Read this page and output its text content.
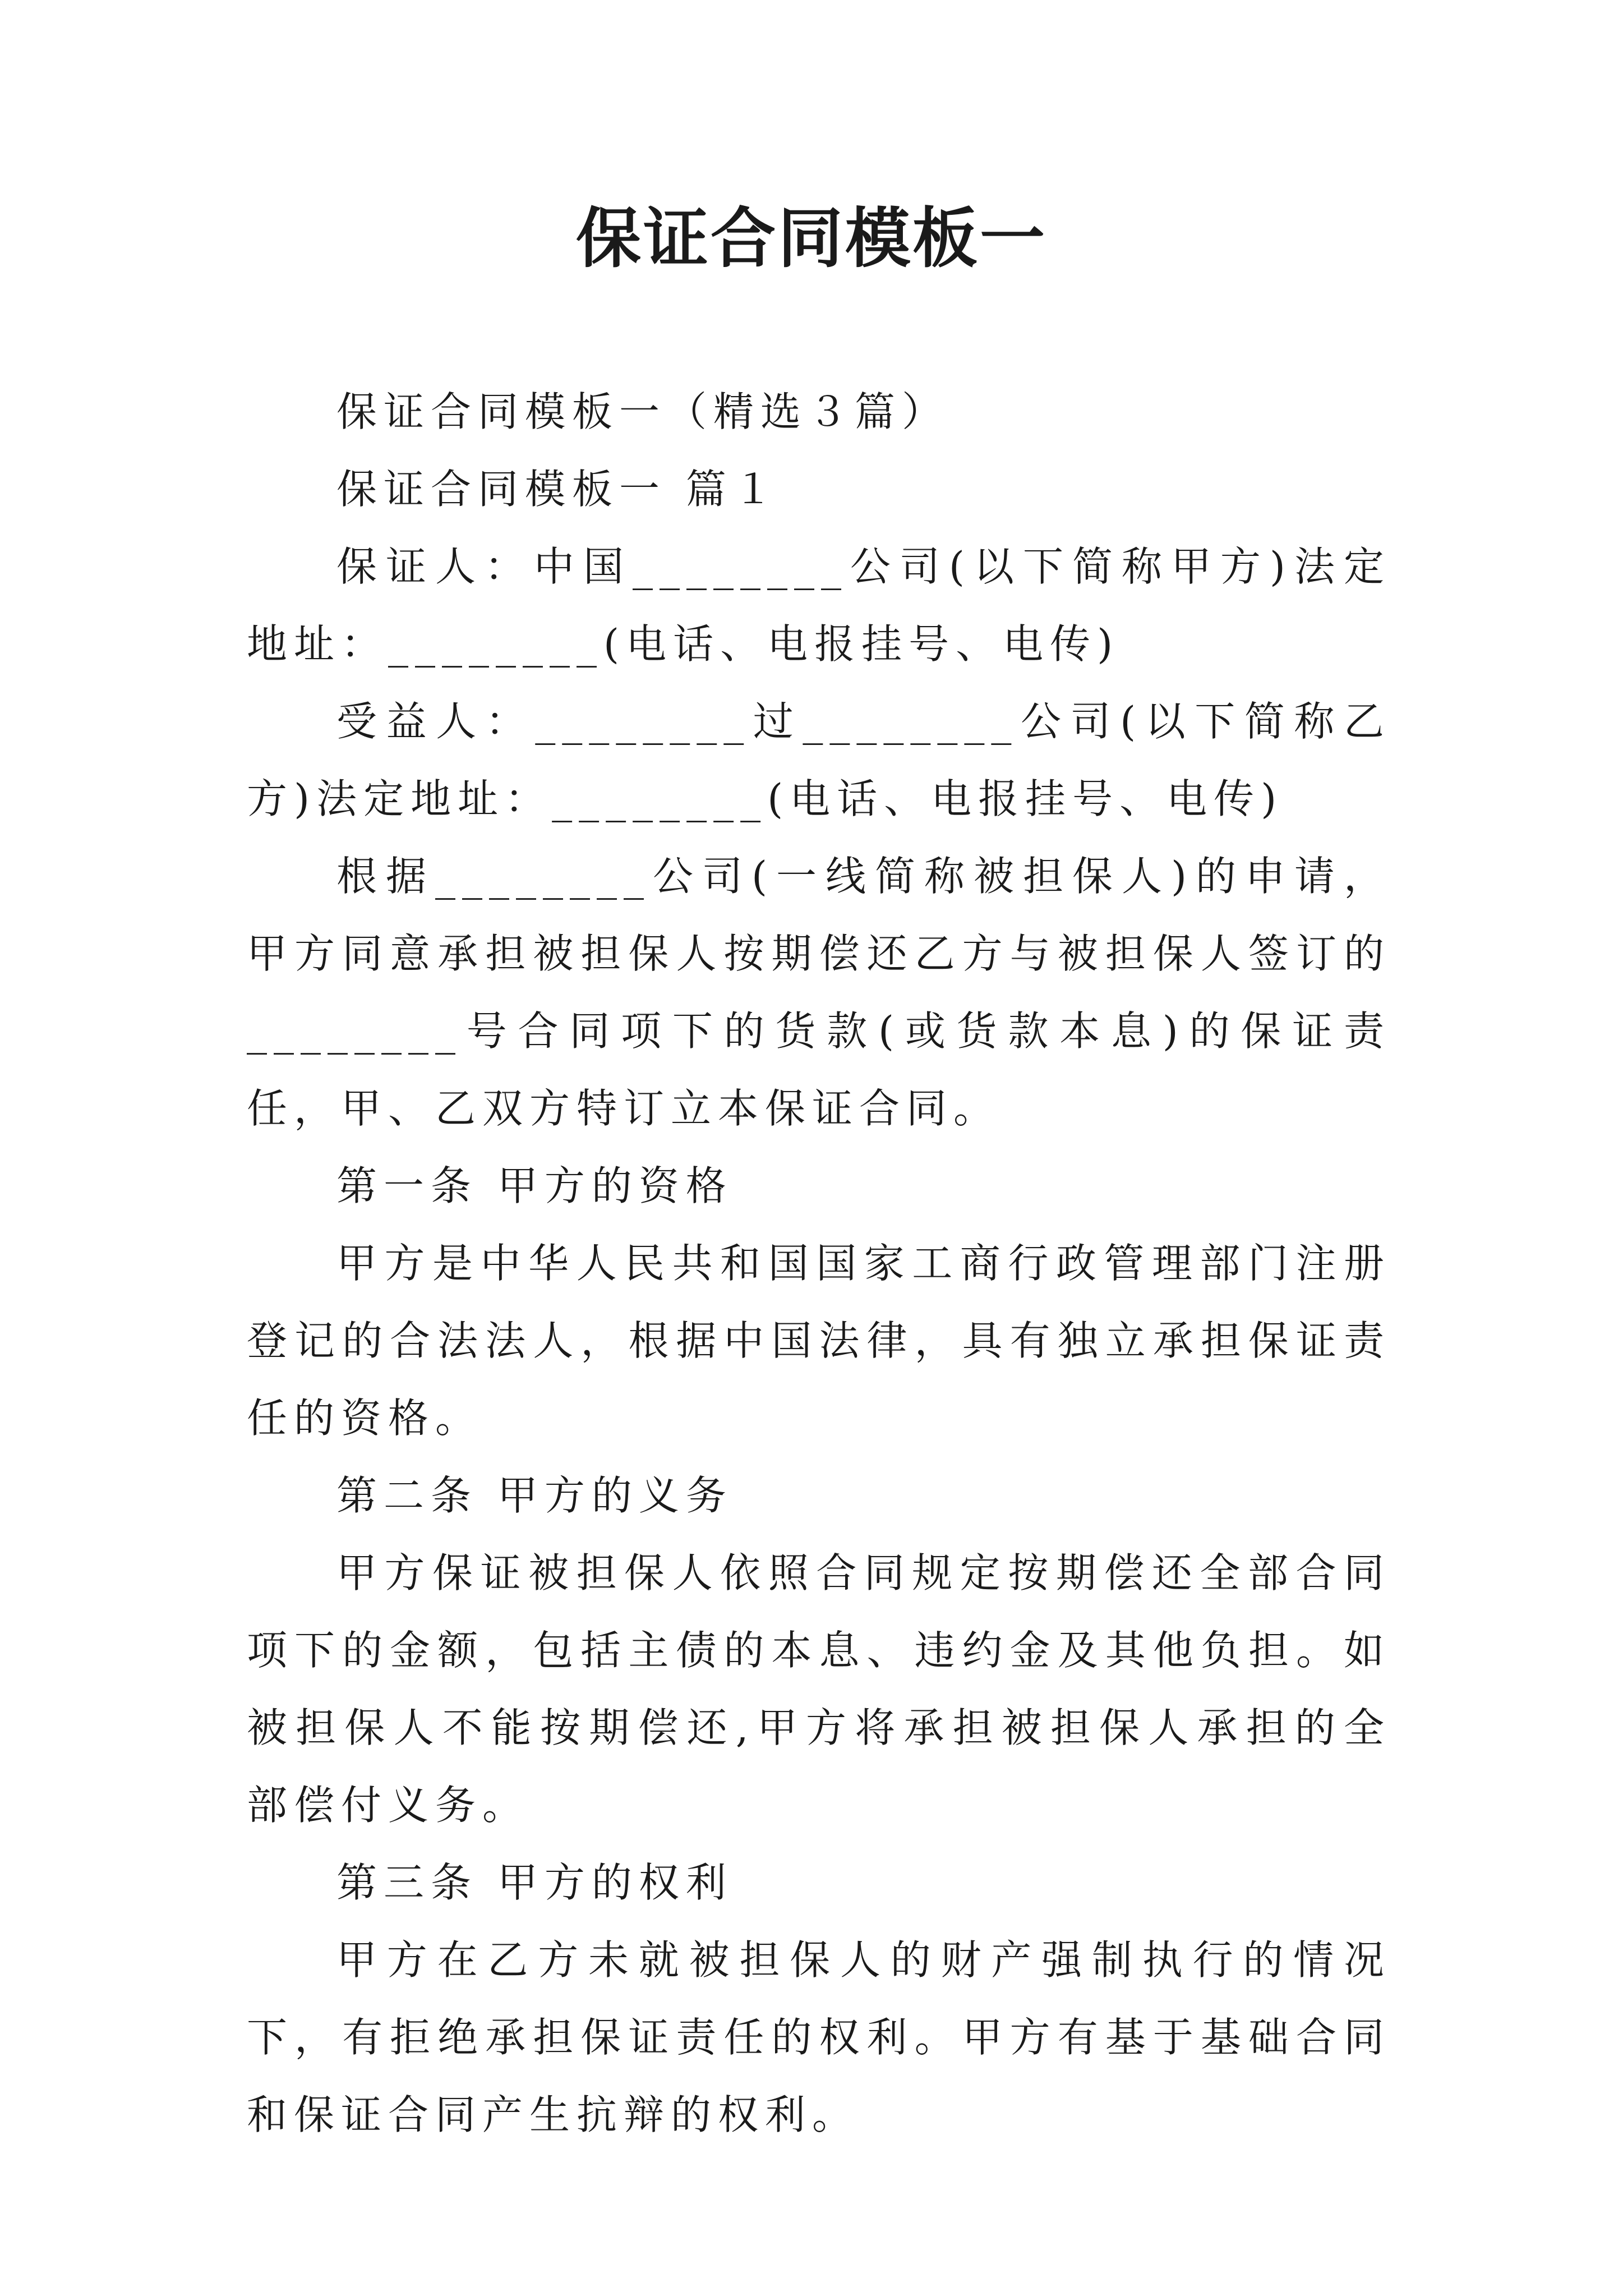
保证合同模板一

保证合同模板一（精选３篇）

保证合同模板一 篇１

保证人：中国________公司(以下简称甲方)法定地址：________(电话、电报挂号、电传)

受益人：________过________公司(以下简称乙方)法定地址：________(电话、电报挂号、电传)

根据________公司(一线简称被担保人)的申请，甲方同意承担被担保人按期偿还乙方与被担保人签订的________号合同项下的货款(或货款本息)的保证责任，甲、乙双方特订立本保证合同。

第一条 甲方的资格

甲方是中华人民共和国国家工商行政管理部门注册登记的合法法人，根据中国法律，具有独立承担保证责任的资格。

第二条 甲方的义务

甲方保证被担保人依照合同规定按期偿还全部合同项下的金额，包括主债的本息、违约金及其他负担。如被担保人不能按期偿还,甲方将承担被担保人承担的全部偿付义务。

第三条 甲方的权利

甲方在乙方未就被担保人的财产强制执行的情况下，有拒绝承担保证责任的权利。甲方有基于基础合同和保证合同产生抗辩的权利。
